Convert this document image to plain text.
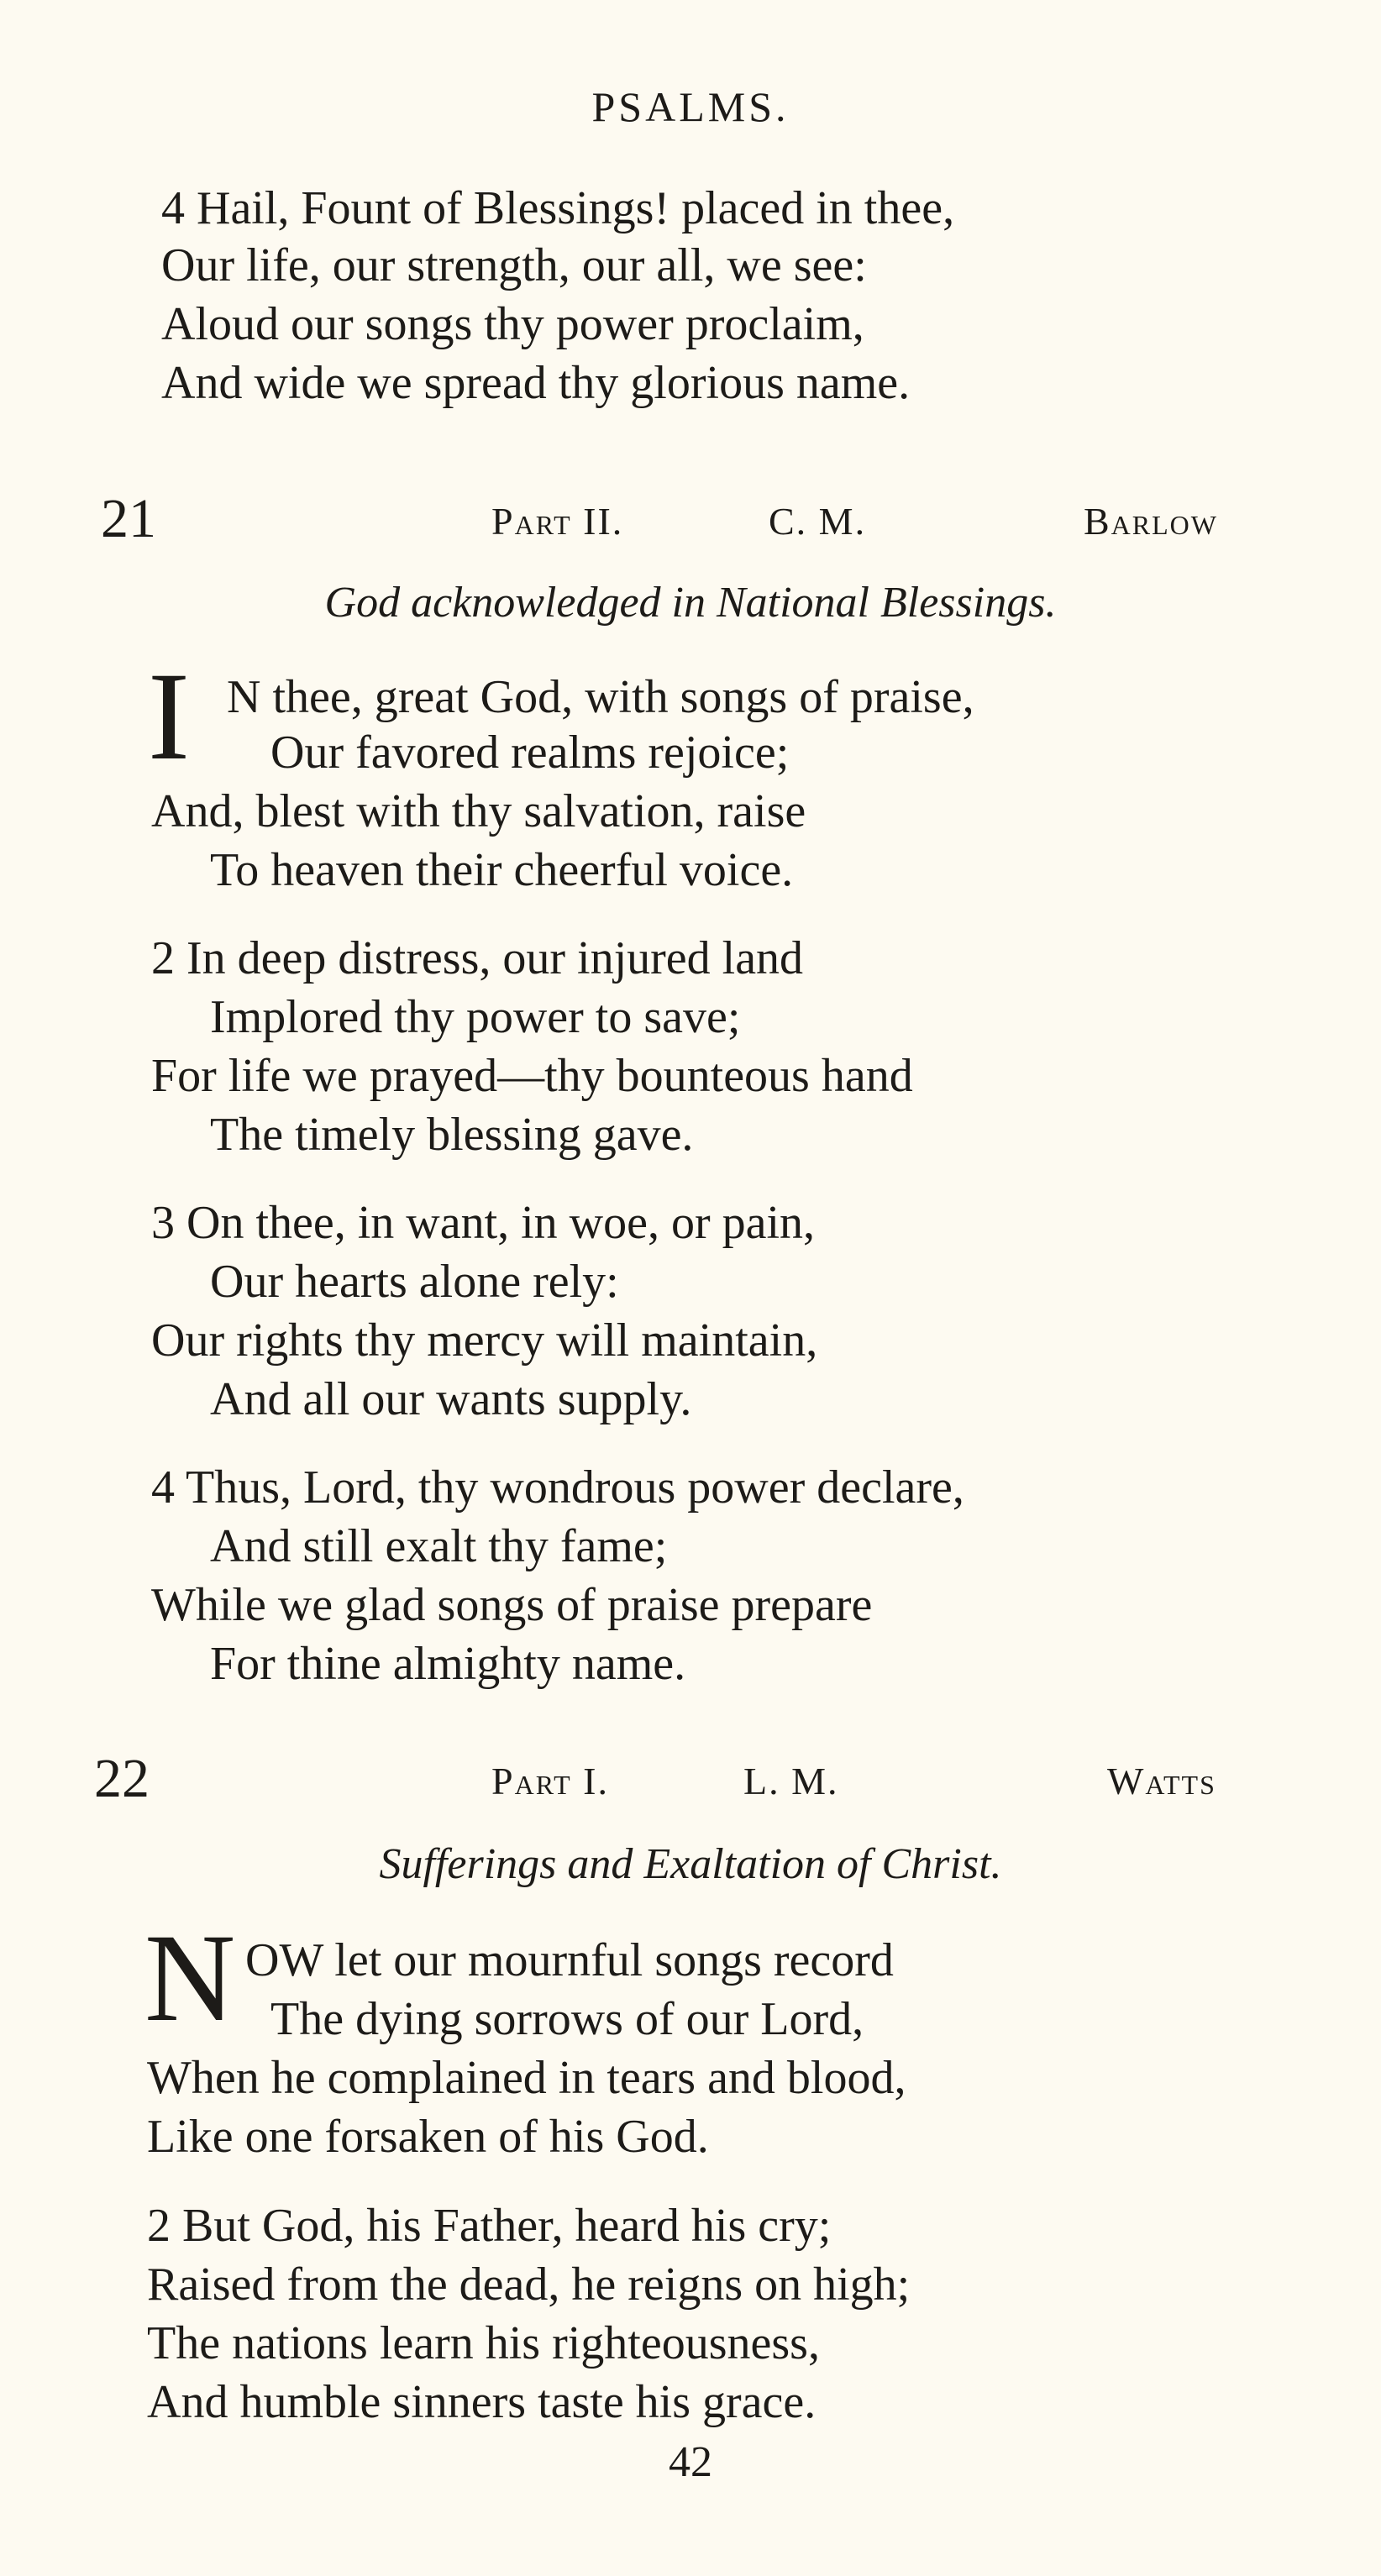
PSALMS.
4 Hail, Fount of Blessings! placed in thee,
Our life, our strength, our all, we see:
Aloud our songs thy power proclaim,
And wide we spread thy glorious name.
21	Part II.	C. M.	Barlow
God acknowledged in National Blessings.
I N thee, great God, with songs of praise,
Our favored realms rejoice;
And, blest with thy salvation, raise
To heaven their cheerful voice.
2 In deep distress, our injured land
Implored thy power to save;
For life we prayed—thy bounteous hand
The timely blessing gave.
3 On thee, in want, in woe, or pain,
Our hearts alone rely:
Our rights thy mercy will maintain,
And all our wants supply.
4 Thus, Lord, thy wondrous power declare,
And still exalt thy fame;
While we glad songs of praise prepare
For thine almighty name.
22	Part I.	L. M.	Watts
Sufferings and Exaltation of Christ.
N OW let our mournful songs record
The dying sorrows of our Lord,
When he complained in tears and blood,
Like one forsaken of his God.
2 But God, his Father, heard his cry;
Raised from the dead, he reigns on high;
The nations learn his righteousness,
And humble sinners taste his grace.
42
